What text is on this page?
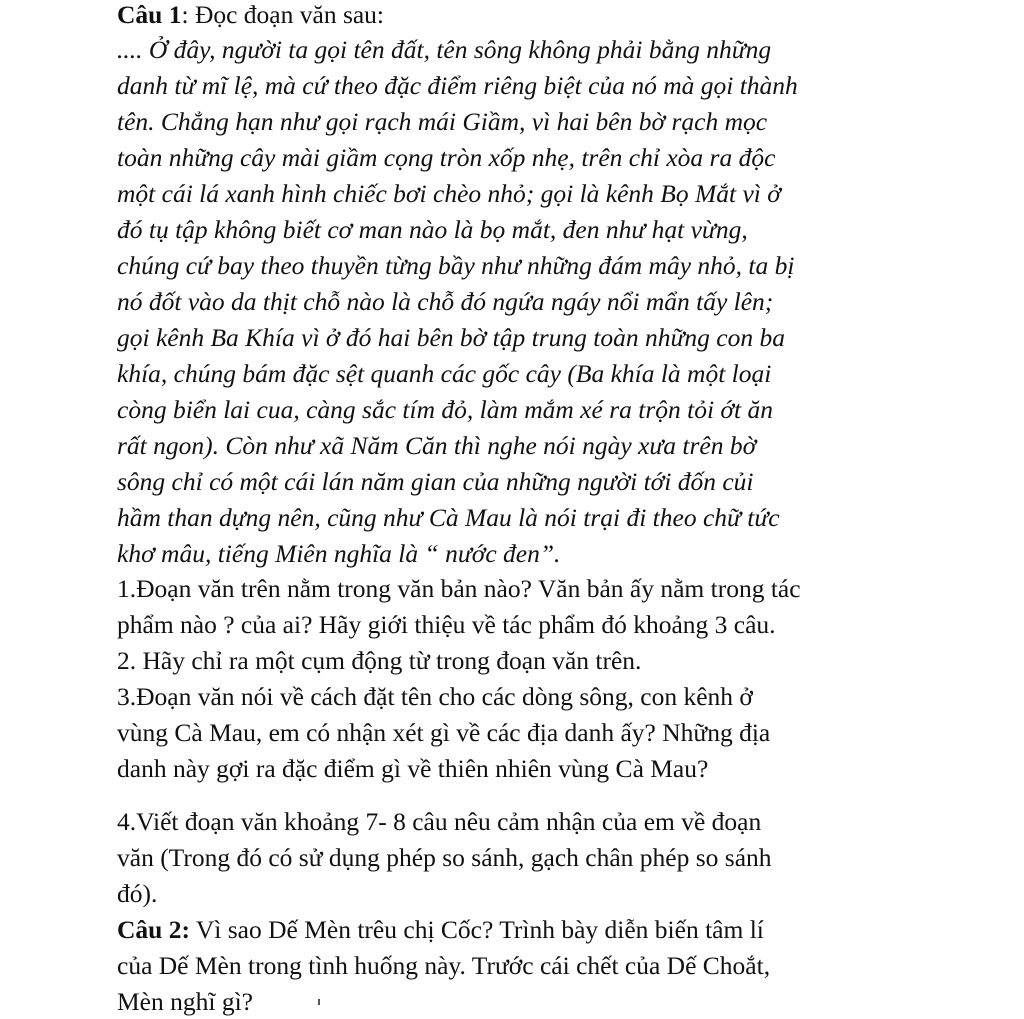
Câu 1: Đọc đoạn văn sau:
.... Ở đây, người ta gọi tên đất, tên sông không phải bằng những
danh từ mĩ lệ, mà cứ theo đặc điểm riêng biệt của nó mà gọi thành
tên. Chẳng hạn như gọi rạch mái Giầm, vì hai bên bờ rạch mọc
toàn những cây mài giầm cọng tròn xốp nhẹ, trên chỉ xòa ra độc
một cái lá xanh hình chiếc bơi chèo nhỏ; gọi là kênh Bọ Mắt vì ở
đó tụ tập không biết cơ man nào là bọ mắt, đen như hạt vừng,
chúng cứ bay theo thuyền từng bầy như những đám mây nhỏ, ta bị
nó đốt vào da thịt chỗ nào là chỗ đó ngứa ngáy nổi mẩn tấy lên;
gọi kênh Ba Khía vì ở đó hai bên bờ tập trung toàn những con ba
khía, chúng bám đặc sệt quanh các gốc cây (Ba khía là một loại
còng biển lai cua, càng sắc tím đỏ, làm mắm xé ra trộn tỏi ớt ăn
rất ngon). Còn như xã Năm Căn thì nghe nói ngày xưa trên bờ
sông chỉ có một cái lán năm gian của những người tới đốn củi
hầm than dựng nên, cũng như Cà Mau là nói trại đi theo chữ tức
khơ mâu, tiếng Miên nghĩa là “ nước đen”.
1.Đoạn văn trên nằm trong văn bản nào? Văn bản ấy nằm trong tác
phẩm nào ? của ai? Hãy giới thiệu về tác phẩm đó khoảng 3 câu.
2. Hãy chỉ ra một cụm động từ trong đoạn văn trên.
3.Đoạn văn nói về cách đặt tên cho các dòng sông, con kênh ở
vùng Cà Mau, em có nhận xét gì về các địa danh ấy? Những địa
danh này gợi ra đặc điểm gì về thiên nhiên vùng Cà Mau?
4.Viết đoạn văn khoảng 7- 8 câu nêu cảm nhận của em về đoạn
văn (Trong đó có sử dụng phép so sánh, gạch chân phép so sánh
đó).
Câu 2: Vì sao Dế Mèn trêu chị Cốc? Trình bày diễn biến tâm lí
của Dế Mèn trong tình huống này. Trước cái chết của Dế Choắt,
Mèn nghĩ gì?
